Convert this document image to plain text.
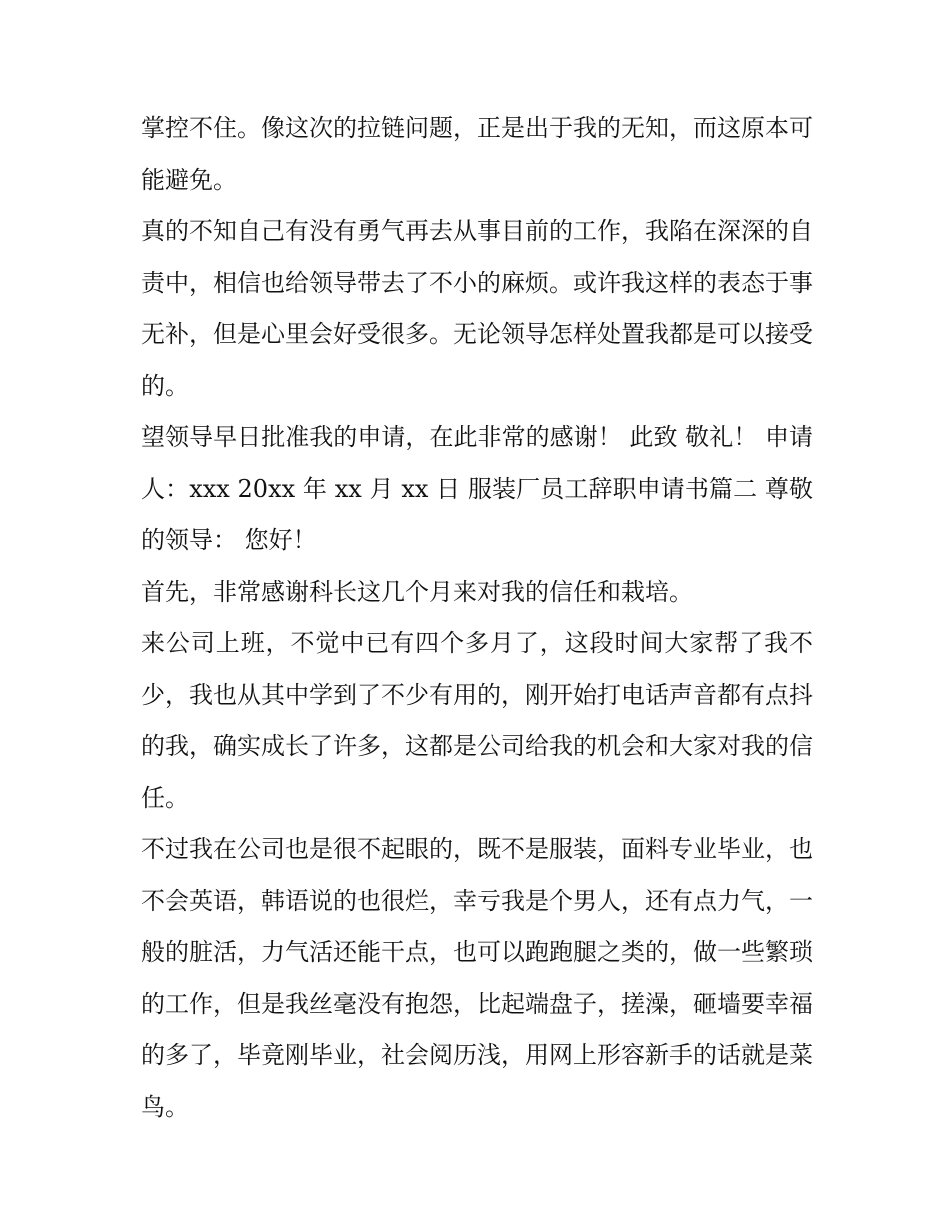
掌控不住。像这次的拉链问题，正是出于我的无知，而这原本可能避免。

真的不知自己有没有勇气再去从事目前的工作，我陷在深深的自责中，相信也给领导带去了不小的麻烦。或许我这样的表态于事无补，但是心里会好受很多。无论领导怎样处置我都是可以接受的。

望领导早日批准我的申请，在此非常的感谢！ 此致 敬礼！ 申请人：xxx 20xx 年 xx 月 xx 日 服装厂员工辞职申请书篇二 尊敬的领导： 您好！

首先，非常感谢科长这几个月来对我的信任和栽培。

来公司上班，不觉中已有四个多月了，这段时间大家帮了我不少，我也从其中学到了不少有用的，刚开始打电话声音都有点抖的我，确实成长了许多，这都是公司给我的机会和大家对我的信任。

不过我在公司也是很不起眼的，既不是服装，面料专业毕业，也不会英语，韩语说的也很烂，幸亏我是个男人，还有点力气，一般的脏活，力气活还能干点，也可以跑跑腿之类的，做一些繁琐的工作，但是我丝毫没有抱怨，比起端盘子，搓澡，砸墙要幸福的多了，毕竟刚毕业，社会阅历浅，用网上形容新手的话就是菜鸟。
